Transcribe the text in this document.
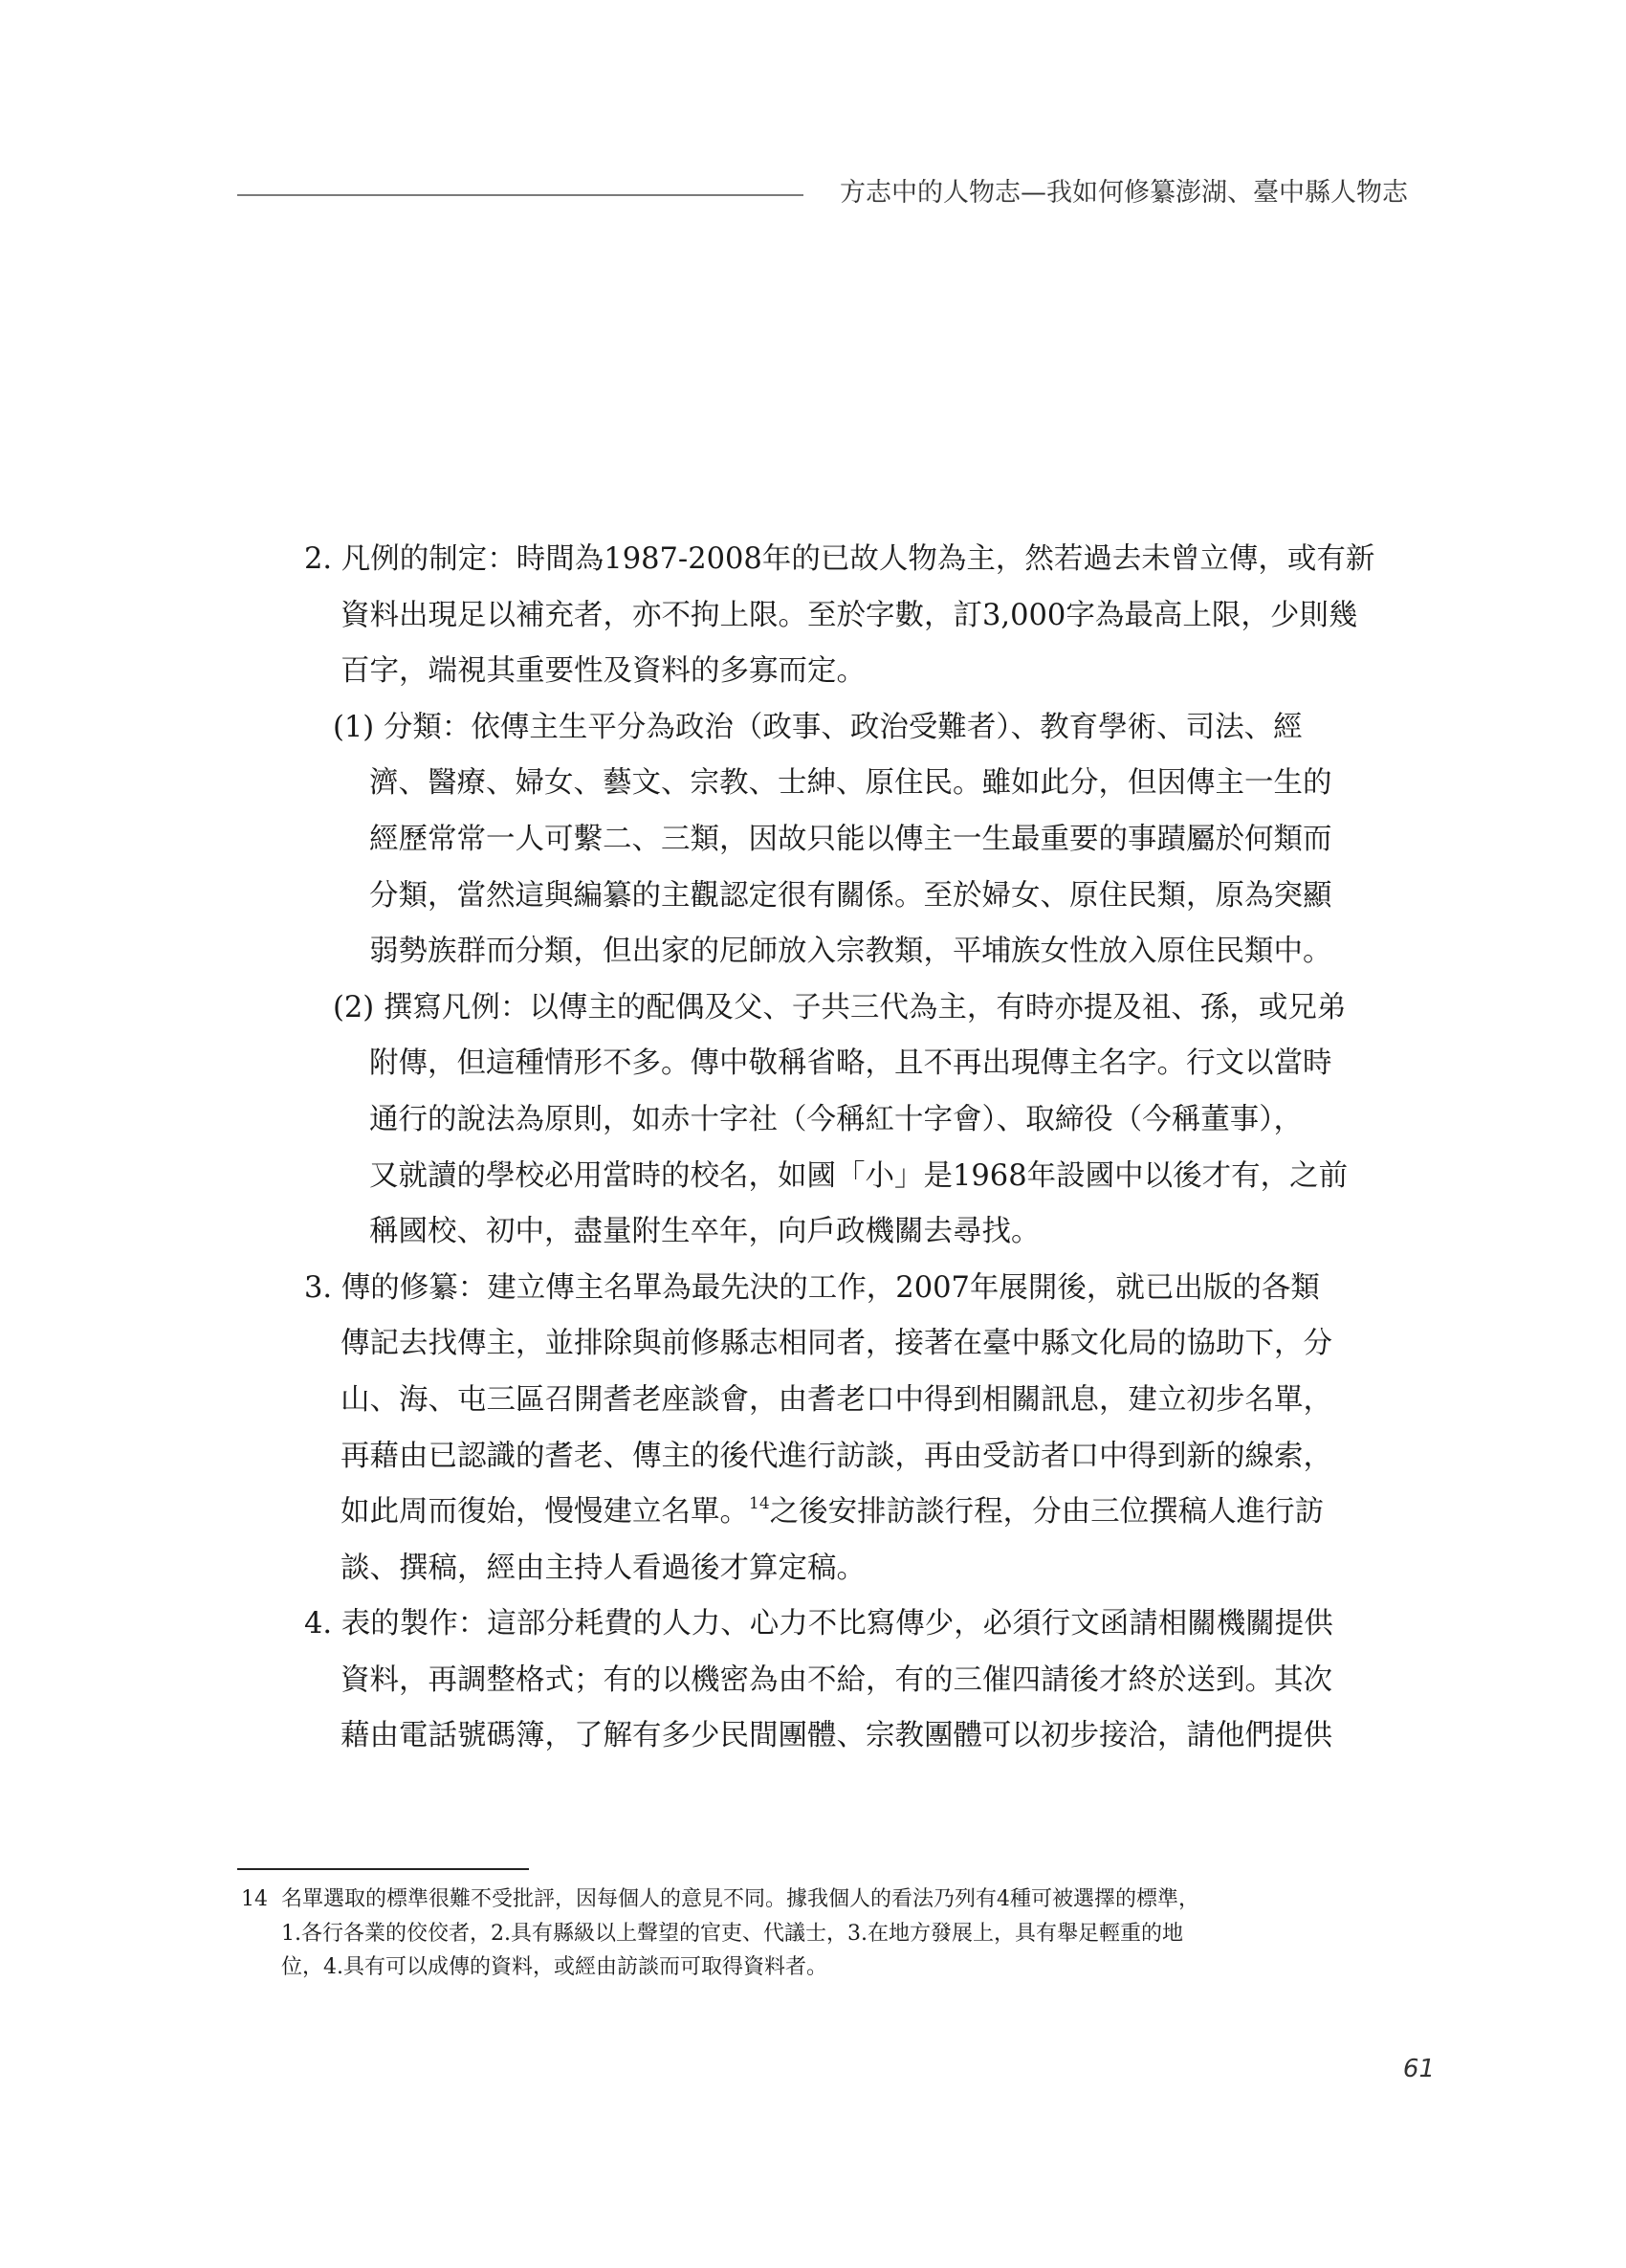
方志中的人物志—我如何修纂澎湖、臺中縣人物志
2. 凡例的制定：時間為1987-2008年的已故人物為主，然若過去未曾立傳，或有新
資料出現足以補充者，亦不拘上限。至於字數，訂3,000字為最高上限，少則幾
百字，端視其重要性及資料的多寡而定。
(1) 分類：依傳主生平分為政治（政事、政治受難者）、教育學術、司法、經
濟、醫療、婦女、藝文、宗教、士紳、原住民。雖如此分，但因傳主一生的
經歷常常一人可繫二、三類，因故只能以傳主一生最重要的事蹟屬於何類而
分類，當然這與編纂的主觀認定很有關係。至於婦女、原住民類，原為突顯
弱勢族群而分類，但出家的尼師放入宗教類，平埔族女性放入原住民類中。
(2) 撰寫凡例：以傳主的配偶及父、子共三代為主，有時亦提及祖、孫，或兄弟
附傳，但這種情形不多。傳中敬稱省略，且不再出現傳主名字。行文以當時
通行的說法為原則，如赤十字社（今稱紅十字會）、取締役（今稱董事），
又就讀的學校必用當時的校名，如國「小」是1968年設國中以後才有，之前
稱國校、初中，盡量附生卒年，向戶政機關去尋找。
3. 傳的修纂：建立傳主名單為最先決的工作，2007年展開後，就已出版的各類
傳記去找傳主，並排除與前修縣志相同者，接著在臺中縣文化局的協助下，分
山、海、屯三區召開耆老座談會，由耆老口中得到相關訊息，建立初步名單，
再藉由已認識的耆老、傳主的後代進行訪談，再由受訪者口中得到新的線索，
如此周而復始，慢慢建立名單。$^{14}$之後安排訪談行程，分由三位撰稿人進行訪
談、撰稿，經由主持人看過後才算定稿。
4. 表的製作：這部分耗費的人力、心力不比寫傳少，必須行文函請相關機關提供
資料，再調整格式；有的以機密為由不給，有的三催四請後才終於送到。其次
藉由電話號碼簿，了解有多少民間團體、宗教團體可以初步接洽，請他們提供
14 名單選取的標準很難不受批評，因每個人的意見不同。據我個人的看法乃列有4種可被選擇的標準，
1.各行各業的佼佼者，2.具有縣級以上聲望的官吏、代議士，3.在地方發展上，具有舉足輕重的地
位，4.具有可以成傳的資料，或經由訪談而可取得資料者。
61
